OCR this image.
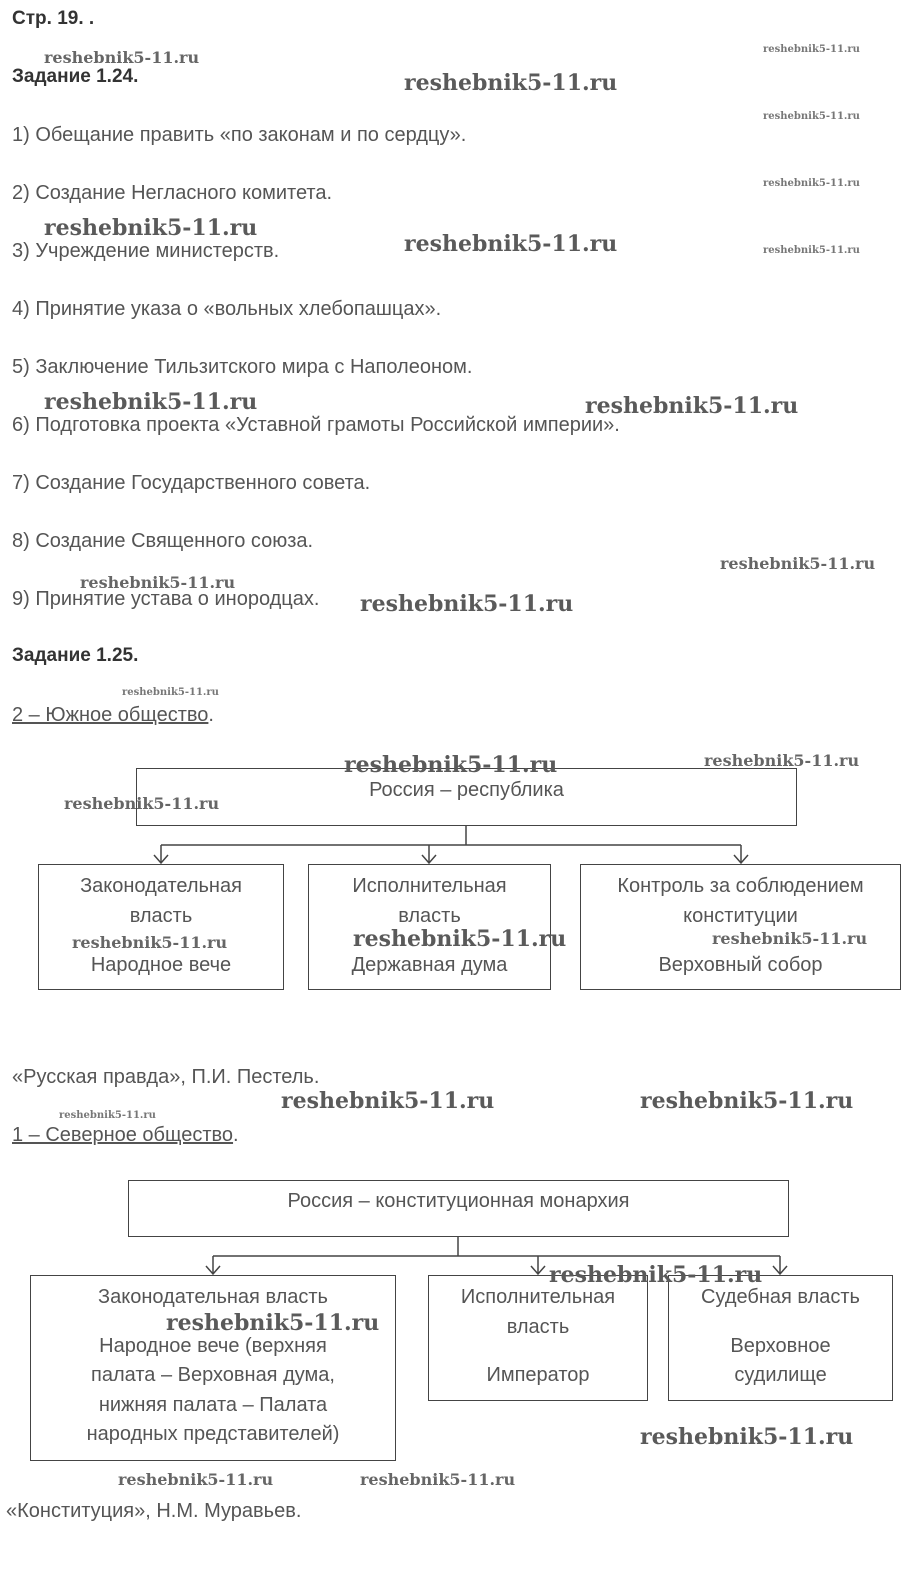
Стр. 19. .
Задание 1.24.
1) Обещание править «по законам и по сердцу».
2) Создание Негласного комитета.
3) Учреждение министерств.
4) Принятие указа о «вольных хлебопашцах».
5) Заключение Тильзитского мира с Наполеоном.
6) Подготовка проекта «Уставной грамоты Российской империи».
7) Создание Государственного совета.
8) Создание Священного союза.
9) Принятие устава о инородцах.
Задание 1.25.
2 – Южное общество.
Россия – республика
Законодательная
власть
Народное вече
Исполнительная
власть
Державная дума
Контроль за соблюдением
конституции
Верховный собор
«Русская правда», П.И. Пестель.
1 – Северное общество.
Россия – конституционная монархия
Законодательная власть
Народное вече (верхняя
палата – Верховная дума,
нижняя палата – Палата
народных представителей)
Исполнительная
власть
Император
Судебная власть
Верховное
судилище
«Конституция», Н.М. Муравьев.
reshebnik5-11.ru
reshebnik5-11.ru
reshebnik5-11.ru
reshebnik5-11.ru
reshebnik5-11.ru
reshebnik5-11.ru
reshebnik5-11.ru	reshebnik5-11.ru
reshebnik5-11.ru	reshebnik5-11.ru
reshebnik5-11.ru
reshebnik5-11.ru
reshebnik5-11.ru
reshebnik5-11.ru
reshebnik5-11.ru	reshebnik5-11.ru
reshebnik5-11.ru
reshebnik5-11.ru	reshebnik5-11.ru	reshebnik5-11.ru
reshebnik5-11.ru
reshebnik5-11.ru	reshebnik5-11.ru
reshebnik5-11.ru
reshebnik5-11.ru
reshebnik5-11.ru
reshebnik5-11.ru	reshebnik5-11.ru
